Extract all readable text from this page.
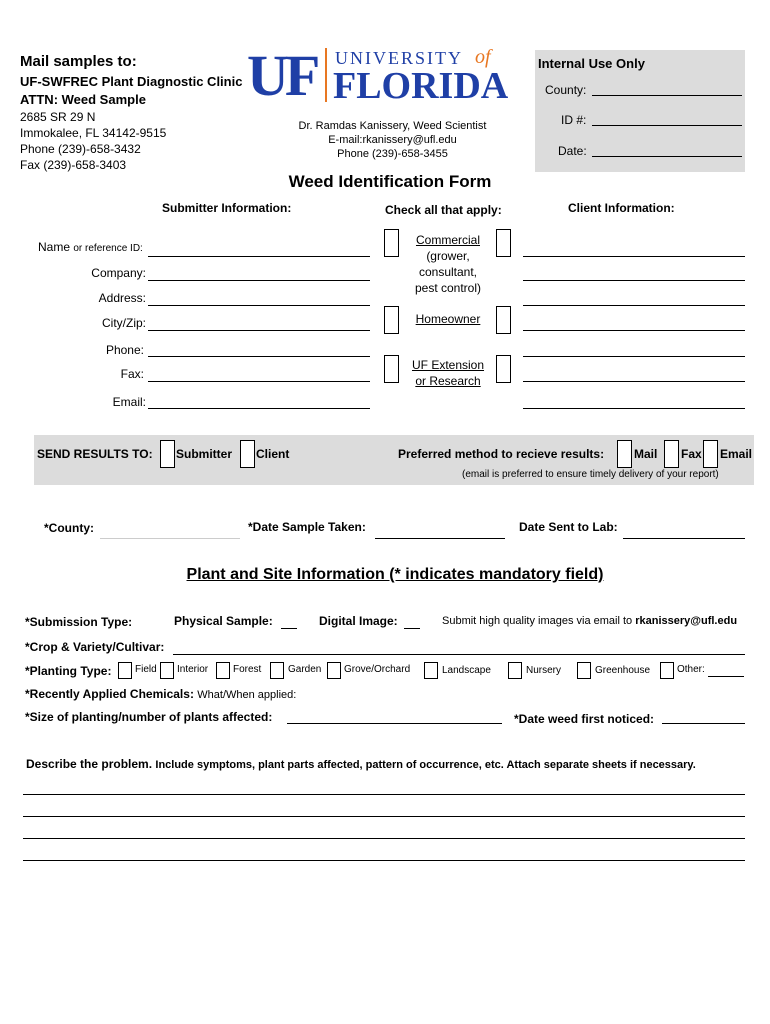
Mail samples to:
UF-SWFREC Plant Diagnostic Clinic
ATTN: Weed Sample
2685 SR 29 N
Immokalee, FL 34142-9515
Phone (239)-658-3432
Fax (239)-658-3403
UF UNIVERSITY of
FLORIDA
Dr. Ramdas Kanissery, Weed Scientist
E-mail:rkanissery@ufl.edu
Phone (239)-658-3455
Internal Use Only
County:
ID #:
Date:
Weed Identification Form
Submitter Information:	Check all that apply:	Client Information:
Name or reference ID:
Company:
Address:
City/Zip:
Phone:
Fax:
Email:
Commercial
(grower,
consultant,
pest control)
Homeowner
UF Extension
or Research
SEND RESULTS TO: Submitter Client	Preferred method to recieve results: Mail Fax Email
(email is preferred to ensure timely delivery of your report)
*County:	*Date Sample Taken:	Date Sent to Lab:
Plant and Site Information (* indicates mandatory field)
*Submission Type:	Physical Sample:	Digital Image:	Submit high quality images via email to rkanissery@ufl.edu
*Crop & Variety/Cultivar:
*Planting Type: Field Interior Forest	Garden Grove/Orchard	Landscape	Nursery	Greenhouse	Other:
*Recently Applied Chemicals: What/When applied:
*Size of planting/number of plants affected:	*Date weed first noticed:
Describe the problem. Include symptoms, plant parts affected, pattern of occurrence, etc. Attach separate sheets if necessary.
